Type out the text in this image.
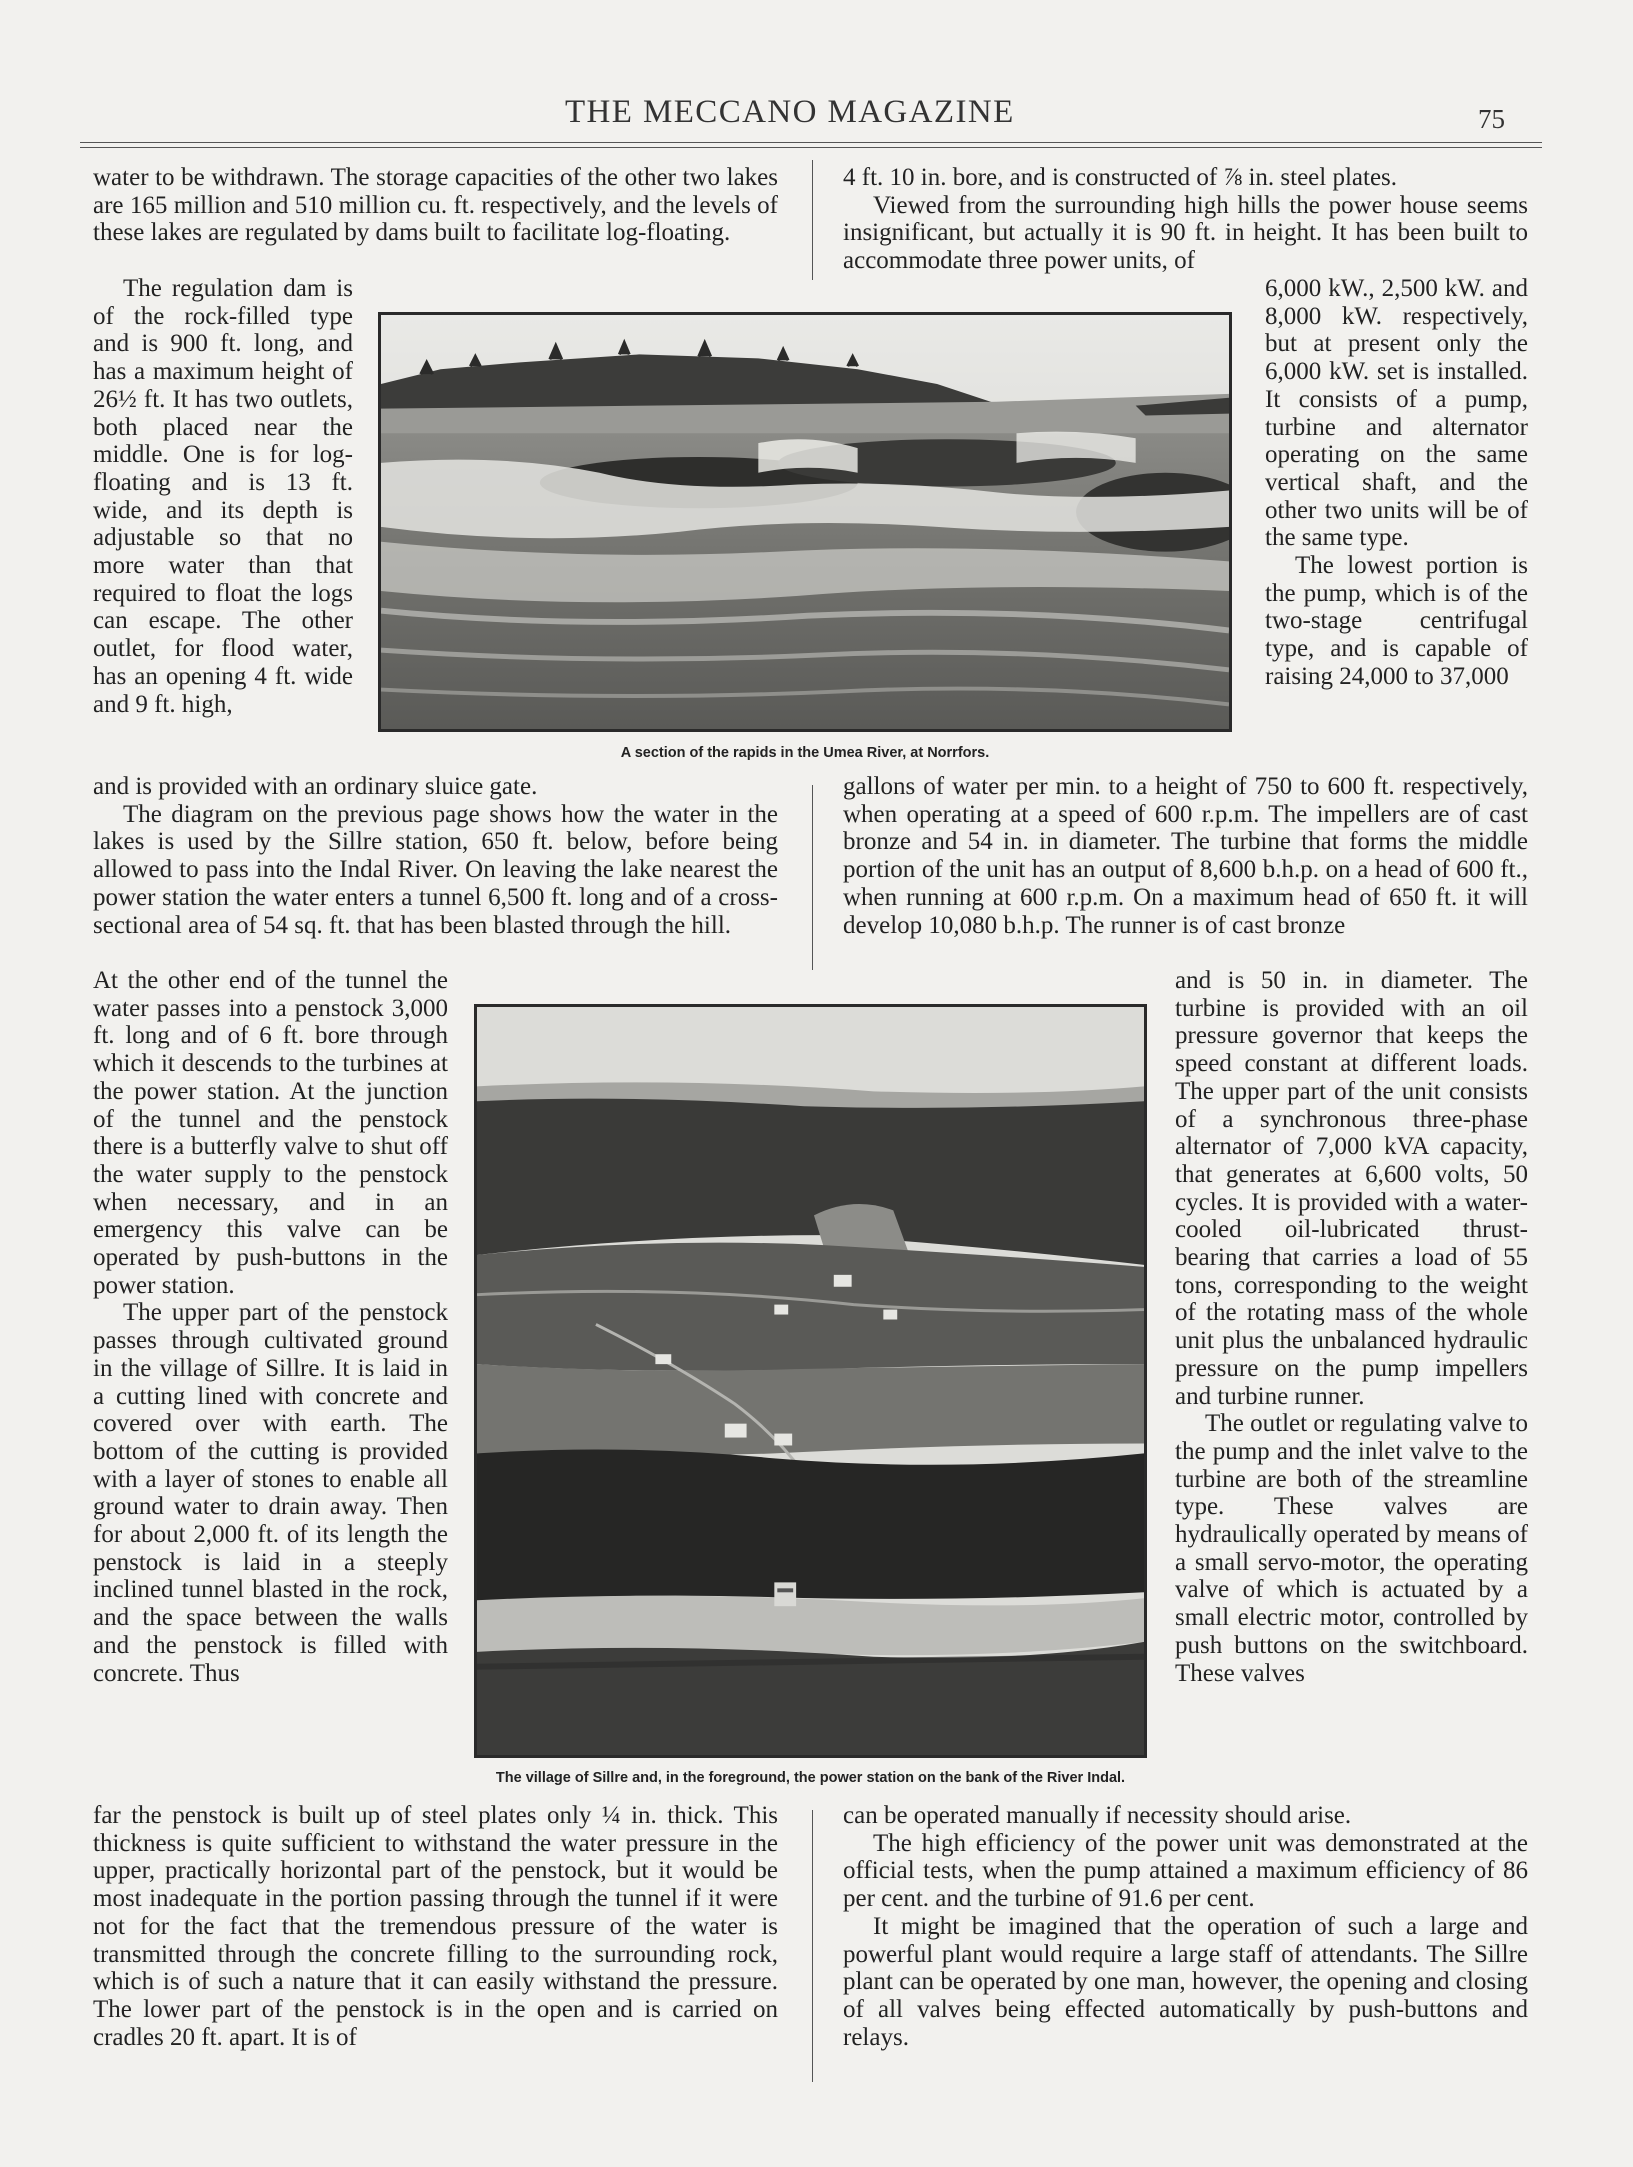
THE MECCANO MAGAZINE	75

water to be withdrawn. The storage capacities of the other two lakes are 165 million and 510 million cu. ft. respectively, and the levels of these lakes are regulated by dams built to facilitate log-floating.

The regulation dam is of the rock-filled type and is 900 ft. long, and has a maximum height of 26½ ft. It has two outlets, both placed near the middle. One is for log-floating and is 13 ft. wide, and its depth is adjustable so that no more water than that required to float the logs can escape. The other outlet, for flood water, has an opening 4 ft. wide and 9 ft. high,

and is provided with an ordinary sluice gate.

The diagram on the previous page shows how the water in the lakes is used by the Sillre station, 650 ft. below, before being allowed to pass into the Indal River. On leaving the lake nearest the power station the water enters a tunnel 6,500 ft. long and of a cross-sectional area of 54 sq. ft. that has been blasted through the hill.

At the other end of the tunnel the water passes into a penstock 3,000 ft. long and of 6 ft. bore through which it descends to the turbines at the power station. At the junction of the tunnel and the penstock there is a butterfly valve to shut off the water supply to the penstock when necessary, and in an emergency this valve can be operated by push-buttons in the power station.

The upper part of the penstock passes through cultivated ground in the village of Sillre. It is laid in a cutting lined with concrete and covered over with earth. The bottom of the cutting is provided with a layer of stones to enable all ground water to drain away. Then for about 2,000 ft. of its length the penstock is laid in a steeply inclined tunnel blasted in the rock, and the space between the walls and the penstock is filled with concrete. Thus

far the penstock is built up of steel plates only ¼ in. thick. This thickness is quite sufficient to withstand the water pressure in the upper, practically horizontal part of the penstock, but it would be most inadequate in the portion passing through the tunnel if it were not for the fact that the tremendous pressure of the water is transmitted through the concrete filling to the surrounding rock, which is of such a nature that it can easily withstand the pressure. The lower part of the penstock is in the open and is carried on cradles 20 ft. apart. It is of

4 ft. 10 in. bore, and is constructed of ⅞ in. steel plates.

Viewed from the surrounding high hills the power house seems insignificant, but actually it is 90 ft. in height. It has been built to accommodate three power units, of

6,000 kW., 2,500 kW. and 8,000 kW. respectively, but at present only the 6,000 kW. set is installed. It consists of a pump, turbine and alternator operating on the same vertical shaft, and the other two units will be of the same type.

The lowest portion is the pump, which is of the two-stage centrifugal type, and is capable of raising 24,000 to 37,000

gallons of water per min. to a height of 750 to 600 ft. respectively, when operating at a speed of 600 r.p.m. The impellers are of cast bronze and 54 in. in diameter. The turbine that forms the middle portion of the unit has an output of 8,600 b.h.p. on a head of 600 ft., when running at 600 r.p.m. On a maximum head of 650 ft. it will develop 10,080 b.h.p. The runner is of cast bronze

and is 50 in. in diameter. The turbine is provided with an oil pressure governor that keeps the speed constant at different loads. The upper part of the unit consists of a synchronous three-phase alternator of 7,000 kVA capacity, that generates at 6,600 volts, 50 cycles. It is provided with a water-cooled oil-lubricated thrust-bearing that carries a load of 55 tons, corresponding to the weight of the rotating mass of the whole unit plus the unbalanced hydraulic pressure on the pump impellers and turbine runner.

The outlet or regulating valve to the pump and the inlet valve to the turbine are both of the streamline type. These valves are hydraulically operated by means of a small servo-motor, the operating valve of which is actuated by a small electric motor, controlled by push buttons on the switchboard. These valves

can be operated manually if necessity should arise.

The high efficiency of the power unit was demonstrated at the official tests, when the pump attained a maximum efficiency of 86 per cent. and the turbine of 91.6 per cent.

It might be imagined that the operation of such a large and powerful plant would require a large staff of attendants. The Sillre plant can be operated by one man, however, the opening and closing of all valves being effected automatically by push-buttons and relays.

A section of the rapids in the Umea River, at Norrfors.
The village of Sillre and, in the foreground, the power station on the bank of the River Indal.
